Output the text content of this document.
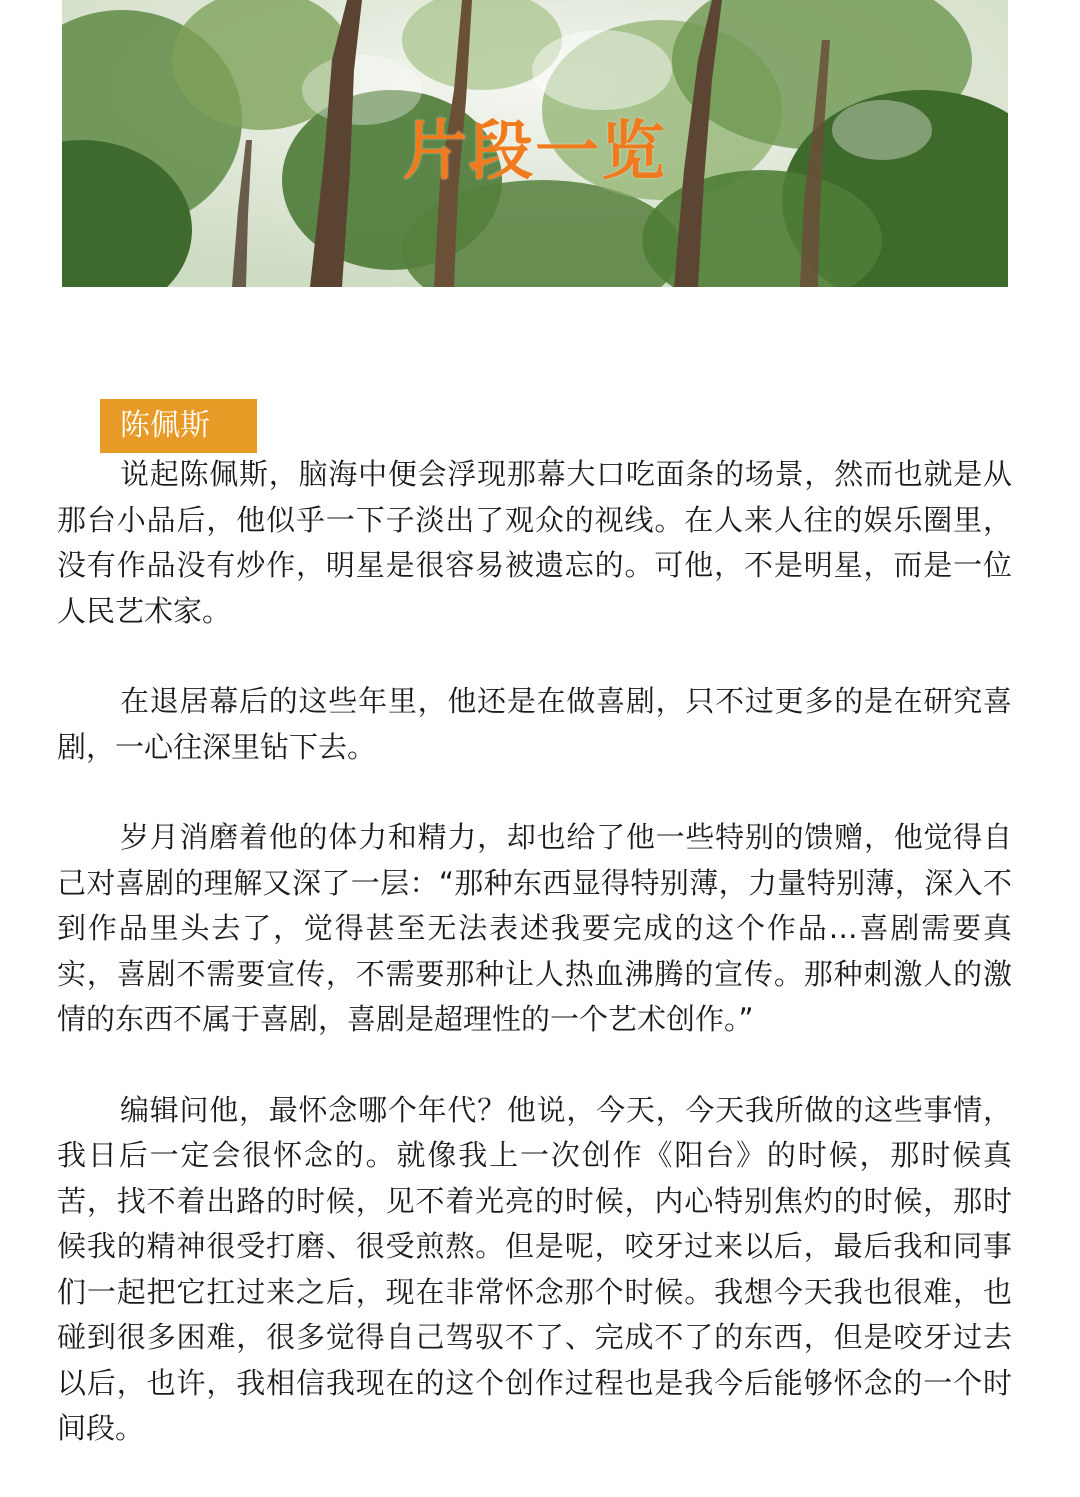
片段一览
陈佩斯

说起陈佩斯，脑海中便会浮现那幕大口吃面条的场景，然而也就是从那台小品后，他似乎一下子淡出了观众的视线。在人来人往的娱乐圈里，没有作品没有炒作，明星是很容易被遗忘的。可他，不是明星，而是一位人民艺术家。

在退居幕后的这些年里，他还是在做喜剧，只不过更多的是在研究喜剧，一心往深里钻下去。

岁月消磨着他的体力和精力，却也给了他一些特别的馈赠，他觉得自己对喜剧的理解又深了一层：“那种东西显得特别薄，力量特别薄，深入不到作品里头去了，觉得甚至无法表述我要完成的这个作品…喜剧需要真实，喜剧不需要宣传，不需要那种让人热血沸腾的宣传。那种刺激人的激情的东西不属于喜剧，喜剧是超理性的一个艺术创作。”

编辑问他，最怀念哪个年代？他说，今天，今天我所做的这些事情，我日后一定会很怀念的。就像我上一次创作《阳台》的时候，那时候真苦，找不着出路的时候，见不着光亮的时候，内心特别焦灼的时候，那时候我的精神很受打磨、很受煎熬。但是呢，咬牙过来以后，最后我和同事们一起把它扛过来之后，现在非常怀念那个时候。我想今天我也很难，也碰到很多困难，很多觉得自己驾驭不了、完成不了的东西，但是咬牙过去以后，也许，我相信我现在的这个创作过程也是我今后能够怀念的一个时间段。
